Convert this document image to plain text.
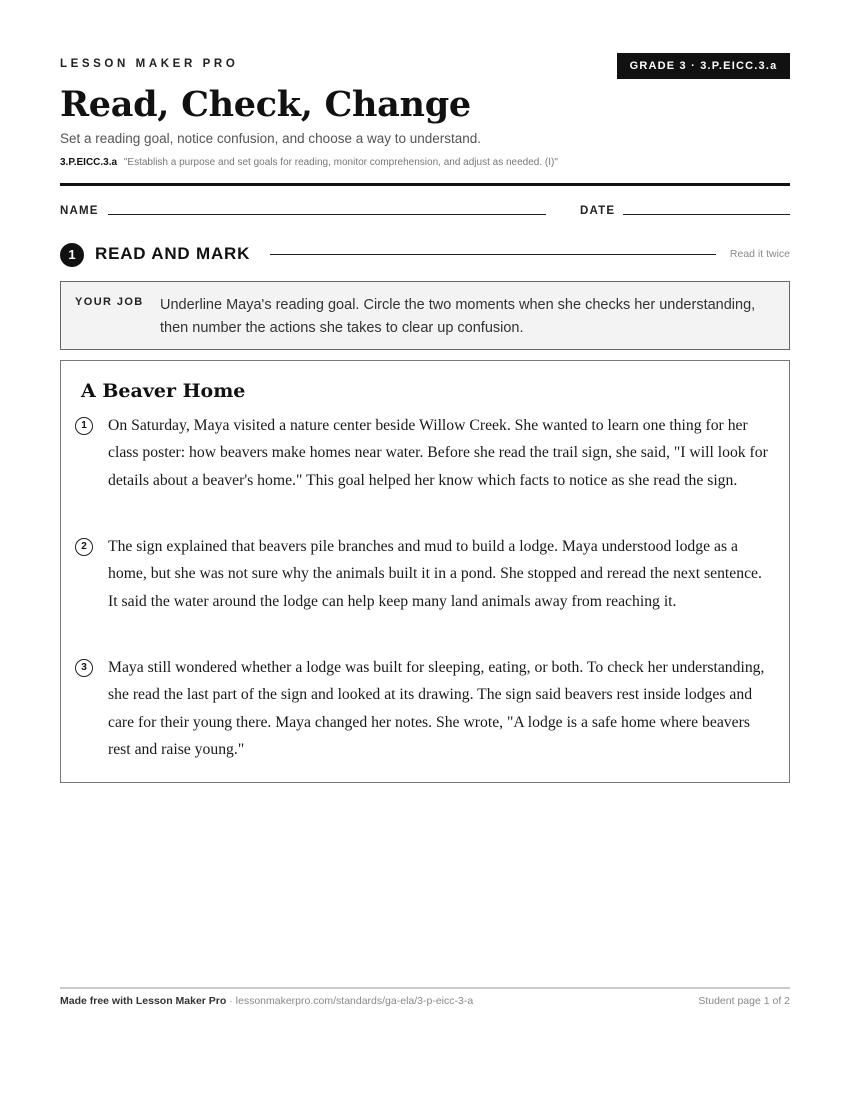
LESSON MAKER PRO	GRADE 3 · 3.P.EICC.3.a
Read, Check, Change
Set a reading goal, notice confusion, and choose a way to understand.
3.P.EICC.3.a "Establish a purpose and set goals for reading, monitor comprehension, and adjust as needed. (I)"
NAME	DATE
1	READ AND MARK	Read it twice
YOUR JOB Underline Maya's reading goal. Circle the two moments when she checks her understanding, then number the actions she takes to clear up confusion.
A Beaver Home
1	On Saturday, Maya visited a nature center beside Willow Creek. She wanted to learn one thing for her class poster: how beavers make homes near water. Before she read the trail sign, she said, "I will look for details about a beaver's home." This goal helped her know which facts to notice as she read the sign.

2	The sign explained that beavers pile branches and mud to build a lodge. Maya understood lodge as a home, but she was not sure why the animals built it in a pond. She stopped and reread the next sentence. It said the water around the lodge can help keep many land animals away from reaching it.

3	Maya still wondered whether a lodge was built for sleeping, eating, or both. To check her understanding, she read the last part of the sign and looked at its drawing. The sign said beavers rest inside lodges and care for their young there. Maya changed her notes. She wrote, "A lodge is a safe home where beavers rest and raise young."

Made free with Lesson Maker Pro · lessonmakerpro.com/standards/ga-ela/3-p-eicc-3-a	Student page 1 of 2
